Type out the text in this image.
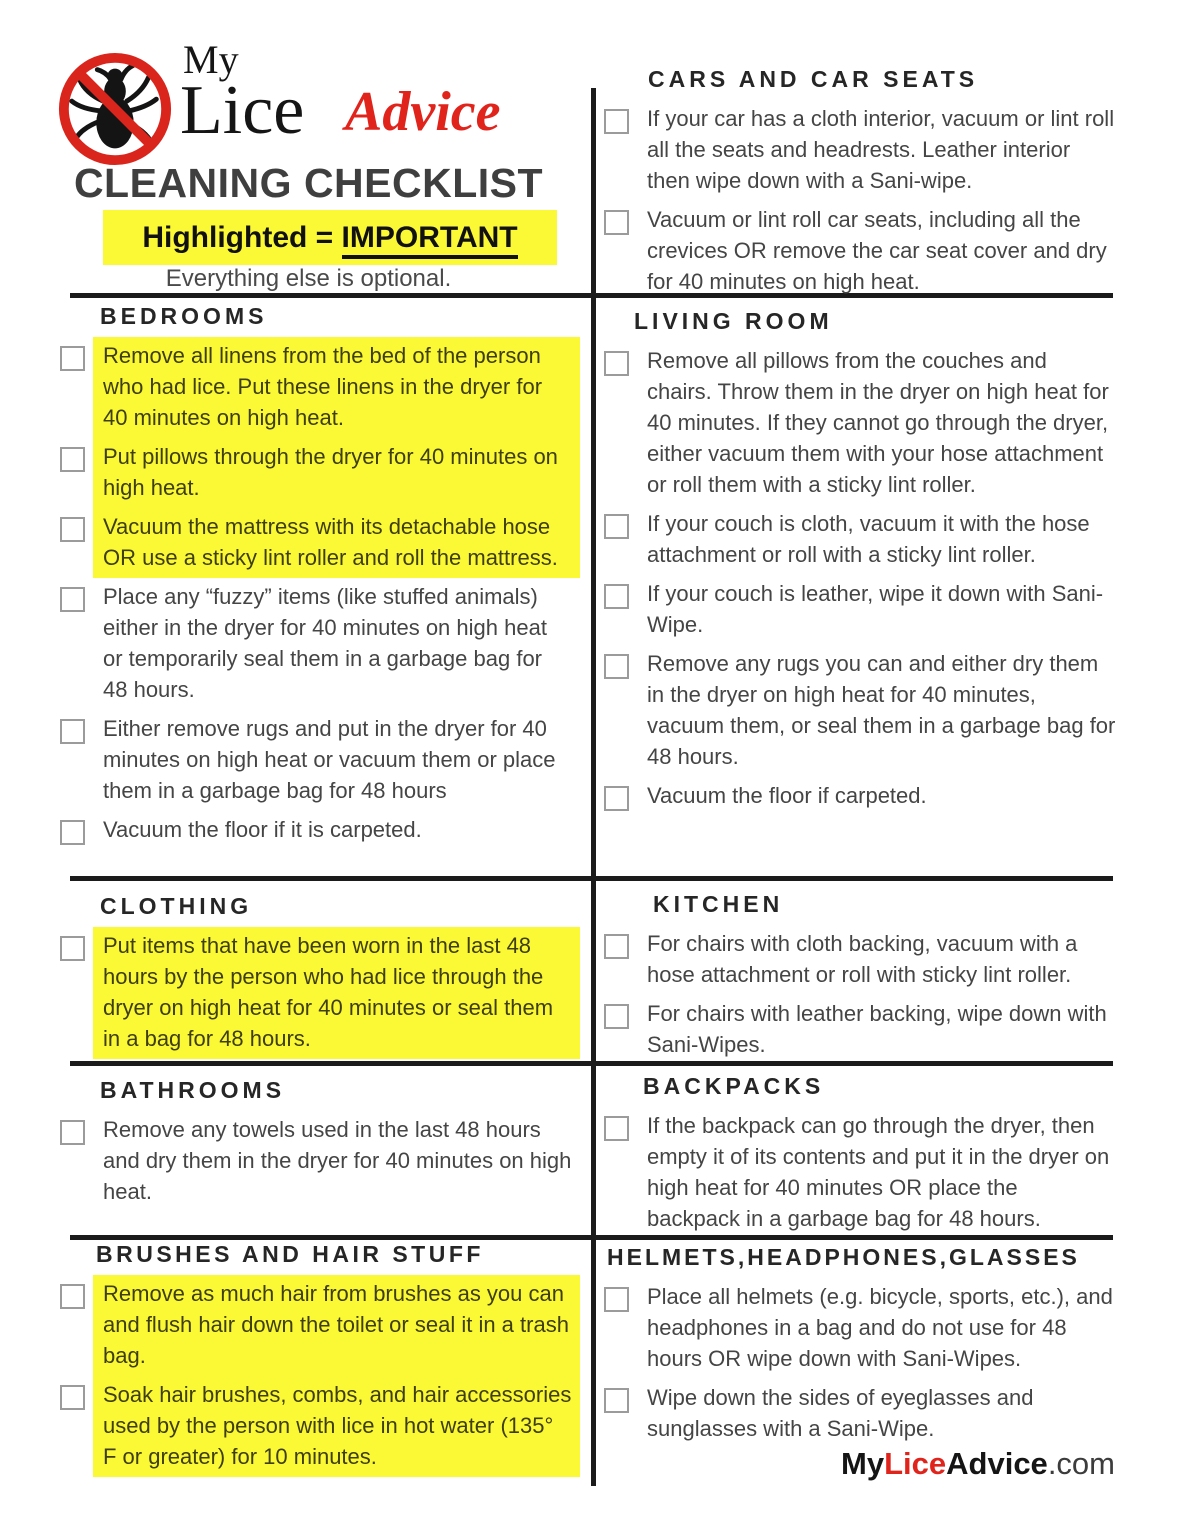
My
Lice Advice
CLEANING CHECKLIST
Highlighted = IMPORTANT
Everything else is optional.
BEDROOMS
Remove all linens from the bed of the person who had lice. Put these linens in the dryer for 40 minutes on high heat.
Put pillows through the dryer for 40 minutes on high heat.
Vacuum the mattress with its detachable hose OR use a sticky lint roller and roll the mattress.
Place any “fuzzy” items (like stuffed animals) either in the dryer for 40 minutes on high heat or temporarily seal them in a garbage bag for 48 hours.
Either remove rugs and put in the dryer for 40 minutes on high heat or vacuum them or place them in a garbage bag for 48 hours
Vacuum the floor if it is carpeted.
CLOTHING
Put items that have been worn in the last 48 hours by the person who had lice through the dryer on high heat for 40 minutes or seal them in a bag for 48 hours.
BATHROOMS
Remove any towels used in the last 48 hours and dry them in the dryer for 40 minutes on high heat.
BRUSHES AND HAIR STUFF
Remove as much hair from brushes as you can and flush hair down the toilet or seal it in a trash bag.
Soak hair brushes, combs, and hair accessories used by the person with lice in hot water (135° F or greater) for 10 minutes.
CARS AND CAR SEATS
If your car has a cloth interior, vacuum or lint roll all the seats and headrests. Leather interior then wipe down with a Sani-wipe.
Vacuum or lint roll car seats, including all the crevices OR remove the car seat cover and dry for 40 minutes on high heat.
LIVING ROOM
Remove all pillows from the couches and chairs. Throw them in the dryer on high heat for 40 minutes. If they cannot go through the dryer, either vacuum them with your hose attachment or roll them with a sticky lint roller.
If your couch is cloth, vacuum it with the hose attachment or roll with a sticky lint roller.
If your couch is leather, wipe it down with Sani-Wipe.
Remove any rugs you can and either dry them in the dryer on high heat for 40 minutes, vacuum them, or seal them in a garbage bag for 48 hours.
Vacuum the floor if carpeted.
KITCHEN
For chairs with cloth backing, vacuum with a hose attachment or roll with sticky lint roller.
For chairs with leather backing, wipe down with Sani-Wipes.
BACKPACKS
If the backpack can go through the dryer, then empty it of its contents and put it in the dryer on high heat for 40 minutes OR place the backpack in a garbage bag for 48 hours.
HELMETS,HEADPHONES,GLASSES
Place all helmets (e.g. bicycle, sports, etc.), and headphones in a bag and do not use for 48 hours OR wipe down with Sani-Wipes.
Wipe down the sides of eyeglasses and sunglasses with a Sani-Wipe.
MyLiceAdvice.com
